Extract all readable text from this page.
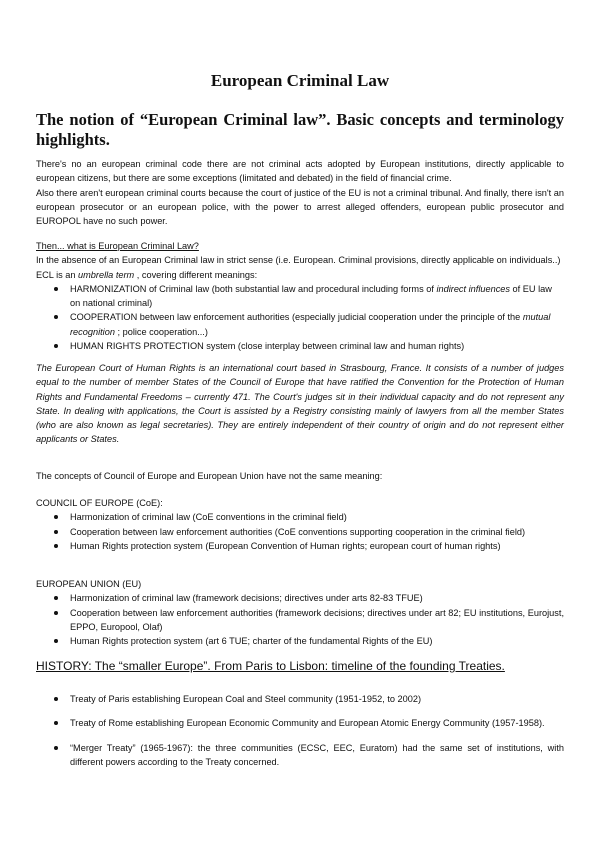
European Criminal Law
The notion of “European Criminal law”. Basic concepts and terminology highlights.

There's no an european criminal code there are not criminal acts adopted by European institutions, directly applicable to european citizens, but there are some exceptions (limitated and debated) in the field of financial crime.

Also there aren't european criminal courts because the court of justice of the EU is not a criminal tribunal. And finally, there isn't an european prosecutor or an european police, with the power to arrest alleged offenders, european public prosecutor and EUROPOL have no such power.

Then... what is European Criminal Law?

In the absence of an European Criminal law in strict sense (i.e. European. Criminal provisions, directly applicable on individuals..) ECL is an umbrella term , covering different meanings:

HARMONIZATION of Criminal law (both substantial law and procedural including forms of indirect influences of EU law on national criminal)
COOPERATION between law enforcement authorities (especially judicial cooperation under the principle of the mutual recognition ; police cooperation...)
HUMAN RIGHTS PROTECTION system (close interplay between criminal law and human rights)

The European Court of Human Rights is an international court based in Strasbourg, France. It consists of a number of judges equal to the number of member States of the Council of Europe that have ratified the Convention for the Protection of Human Rights and Fundamental Freedoms – currently 471. The Court's judges sit in their individual capacity and do not represent any State. In dealing with applications, the Court is assisted by a Registry consisting mainly of lawyers from all the member States (who are also known as legal secretaries). They are entirely independent of their country of origin and do not represent either applicants or States.

The concepts of Council of Europe and European Union have not the same meaning:

COUNCIL OF EUROPE (CoE):

Harmonization of criminal law (CoE conventions in the criminal field)
Cooperation between law enforcement authorities (CoE conventions supporting cooperation in the criminal field)
Human Rights protection system (European Convention of Human rights; european court of human rights)

EUROPEAN UNION (EU)

Harmonization of criminal law (framework decisions; directives under arts 82-83 TFUE)
Cooperation between law enforcement authorities (framework decisions; directives under art 82; EU institutions, Eurojust, EPPO, Europool, Olaf)
Human Rights protection system (art 6 TUE; charter of the fundamental Rights of the EU)

HISTORY: The “smaller Europe”. From Paris to Lisbon: timeline of the founding Treaties.

Treaty of Paris establishing European Coal and Steel community (1951-1952, to 2002)
Treaty of Rome establishing European Economic Community and European Atomic Energy Community (1957-1958).
“Merger Treaty” (1965-1967): the three communities (ECSC, EEC, Euratom) had the same set of institutions, with different powers according to the Treaty concerned.
